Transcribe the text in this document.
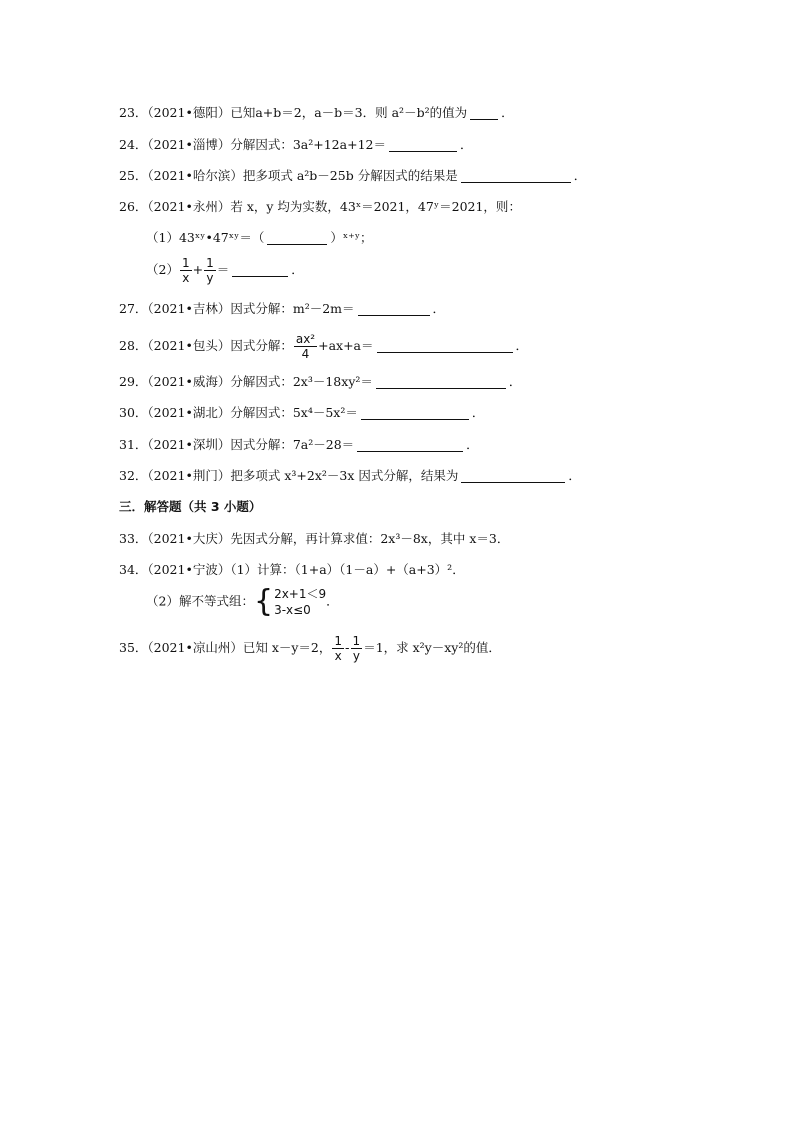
23．（2021•德阳）已知a+b＝2，a－b＝3．则 a²－b²的值为	．
24．（2021•淄博）分解因式：3a²+12a+12＝	．
25．（2021•哈尔滨）把多项式 a²b－25b 分解因式的结果是	．
26．（2021•永州）若 x，y 均为实数，43ˣ＝2021，47ʸ＝2021，则：
（1）43ˣʸ•47ˣʸ＝（	）ˣ⁺ʸ；
$(2) \frac{1}{x} + \frac{1}{y}$ ＝	．
27．（2021•吉林）因式分解：m²－2m＝	．
28．（2021•包头）因式分解： $\frac{\text{ax²}}{4} +ax+a=$	．
29．（2021•威海）分解因式：2x³－18xy²＝	．
30．（2021•湖北）分解因式：5x⁴－5x²＝	．
31．（2021•深圳）因式分解：7a²－28＝	．
32．（2021•荆门）把多项式 x³+2x²－3x 因式分解，结果为	．
三．解答题（共 3 小题）
33．（2021•大庆）先因式分解，再计算求值：2x³－8x，其中 x＝3．
34．（2021•宁波）（1）计算：（1+a）（1－a）+（a+3）²．
（2）解不等式组：{ 2x+1＜9
3-x≤0
．
35．（2021•凉山州）已知 x－y＝2， $\frac{1}{x} - \frac{1}{y} =1$，求 x²y－xy²的值．
